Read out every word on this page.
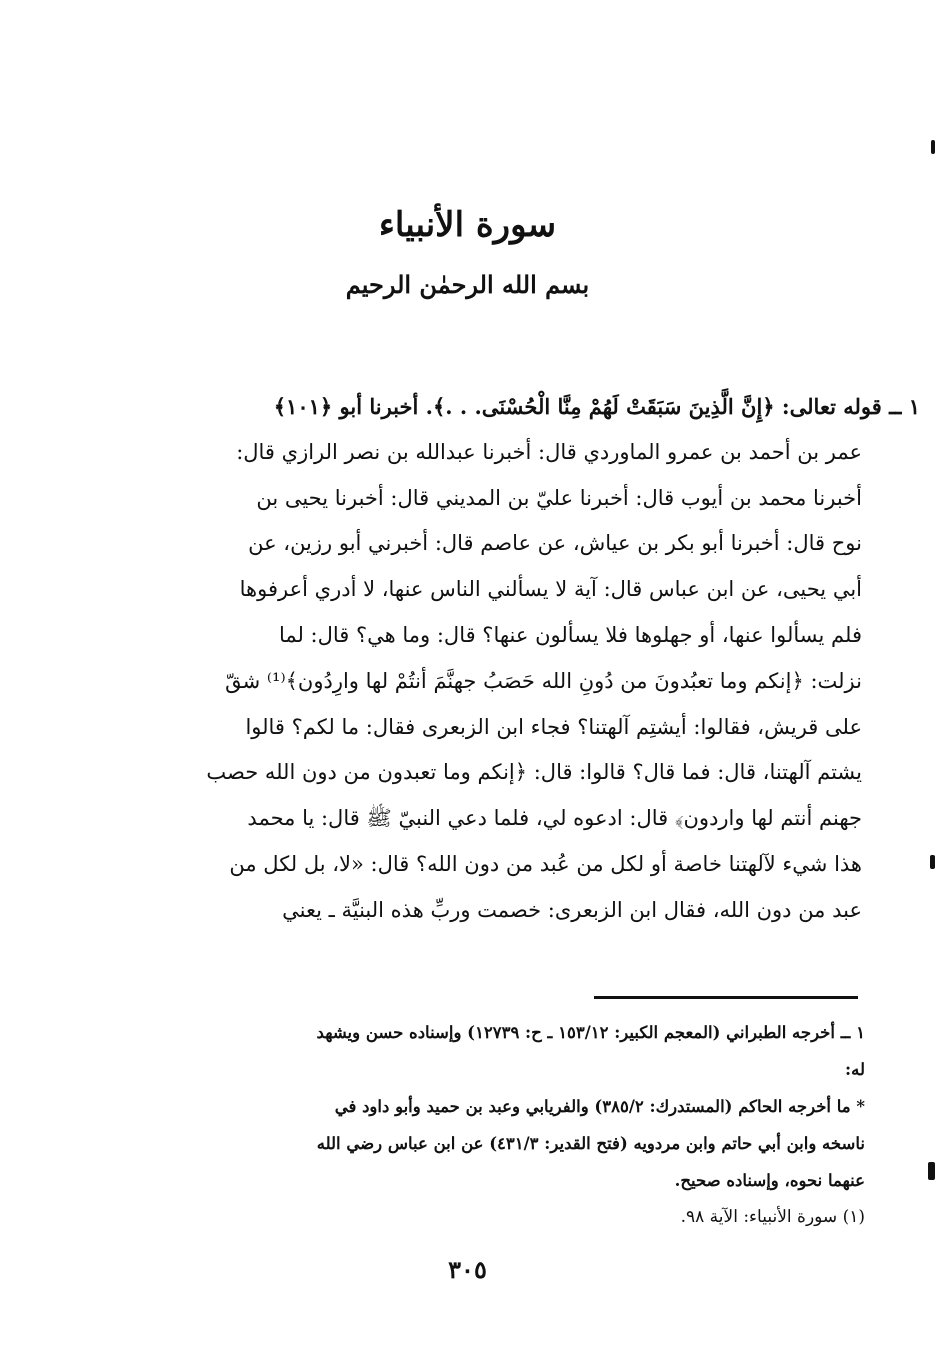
سورة الأنبياء
بسم الله الرحمٰن الرحيم
١ ــ قوله تعالى: ﴿إِنَّ الَّذِينَ سَبَقَتْ لَهُمْ مِنَّا الْحُسْنَى. . .﴾. أخبرنا أبو ﴿١٠١﴾
عمر بن أحمد بن عمرو الماوردي قال: أخبرنا عبدالله بن نصر الرازي قال:
أخبرنا محمد بن أيوب قال: أخبرنا عليّ بن المديني قال: أخبرنا يحيى بن
نوح قال: أخبرنا أبو بكر بن عياش، عن عاصم قال: أخبرني أبو رزين، عن
أبي يحيى، عن ابن عباس قال: آية لا يسألني الناس عنها، لا أدري أعرفوها
فلم يسألوا عنها، أو جهلوها فلا يسألون عنها؟ قال: وما هي؟ قال: لما
نزلت: ﴿إنكم وما تعبُدونَ من دُونِ الله حَصَبُ جهنَّمَ أنتُمْ لها وارِدُون﴾⁽¹⁾ شقّ
على قريش، فقالوا: أيشتِم آلهتنا؟ فجاء ابن الزبعرى فقال: ما لكم؟ قالوا
يشتم آلهتنا، قال: فما قال؟ قالوا: قال: ﴿إنكم وما تعبدون من دون الله حصب
جهنم أنتم لها واردون﴾ قال: ادعوه لي، فلما دعي النبيّ ﷺ قال: يا محمد
هذا شيء لآلهتنا خاصة أو لكل من عُبد من دون الله؟ قال: «لا، بل لكل من
عبد من دون الله، فقال ابن الزبعرى: خصمت وربِّ هذه البنيَّة ـ يعني

١ ــ أخرجه الطبراني (المعجم الكبير: ١٥٣/١٢ ـ ح: ١٢٧٣٩) وإسناده حسن ويشهد

له:

* ما أخرجه الحاكم (المستدرك: ٣٨٥/٢) والفريابي وعبد بن حميد وأبو داود في

ناسخه وابن أبي حاتم وابن مردويه (فتح القدير: ٤٣١/٣) عن ابن عباس رضي الله

عنهما نحوه، وإسناده صحيح.

(١) سورة الأنبياء: الآية ٩٨.

٣٠٥
